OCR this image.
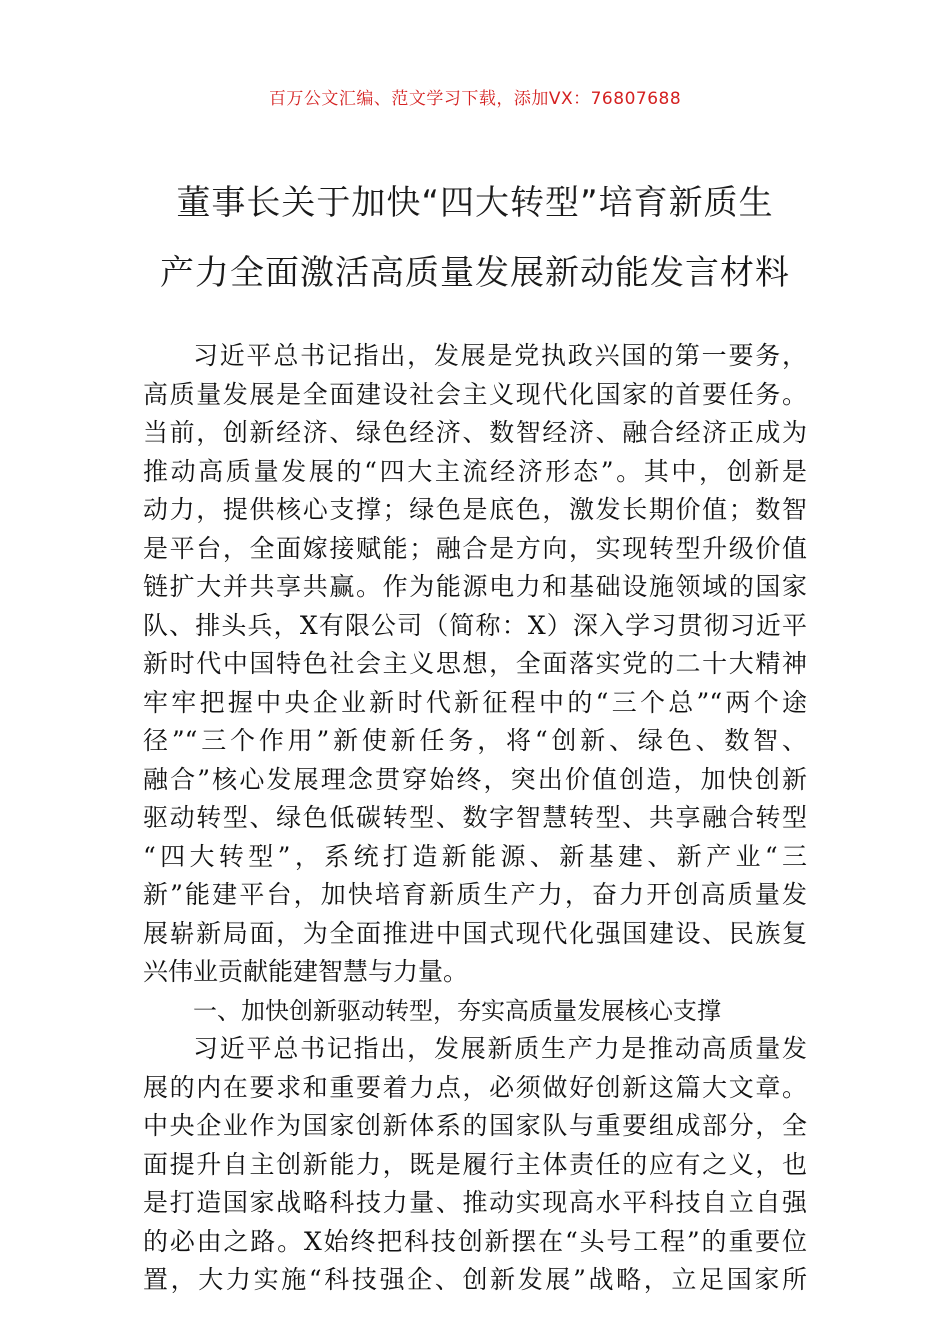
百万公文汇编、范文学习下载，添加VX：76807688
董事长关于加快“四大转型”培育新质生
产力全面激活高质量发展新动能发言材料
习近平总书记指出，发展是党执政兴国的第一要务，
高质量发展是全面建设社会主义现代化国家的首要任务。
当前，创新经济、绿色经济、数智经济、融合经济正成为
推动高质量发展的“四大主流经济形态”。其中，创新是
动力，提供核心支撑；绿色是底色，激发长期价值；数智
是平台，全面嫁接赋能；融合是方向，实现转型升级价值
链扩大并共享共赢。作为能源电力和基础设施领域的国家
队、排头兵，X有限公司（简称：X）深入学习贯彻习近平
新时代中国特色社会主义思想，全面落实党的二十大精神
牢牢把握中央企业新时代新征程中的“三个总”“两个途
径”“三个作用”新使新任务，将“创新、绿色、数智、
融合”核心发展理念贯穿始终，突出价值创造，加快创新
驱动转型、绿色低碳转型、数字智慧转型、共享融合转型
“四大转型”，系统打造新能源、新基建、新产业“三
新”能建平台，加快培育新质生产力，奋力开创高质量发
展崭新局面，为全面推进中国式现代化强国建设、民族复
兴伟业贡献能建智慧与力量。
一、加快创新驱动转型，夯实高质量发展核心支撑
习近平总书记指出，发展新质生产力是推动高质量发
展的内在要求和重要着力点，必须做好创新这篇大文章。
中央企业作为国家创新体系的国家队与重要组成部分，全
面提升自主创新能力，既是履行主体责任的应有之义，也
是打造国家战略科技力量、推动实现高水平科技自立自强
的必由之路。X始终把科技创新摆在“头号工程”的重要位
置，大力实施“科技强企、创新发展”战略，立足国家所
